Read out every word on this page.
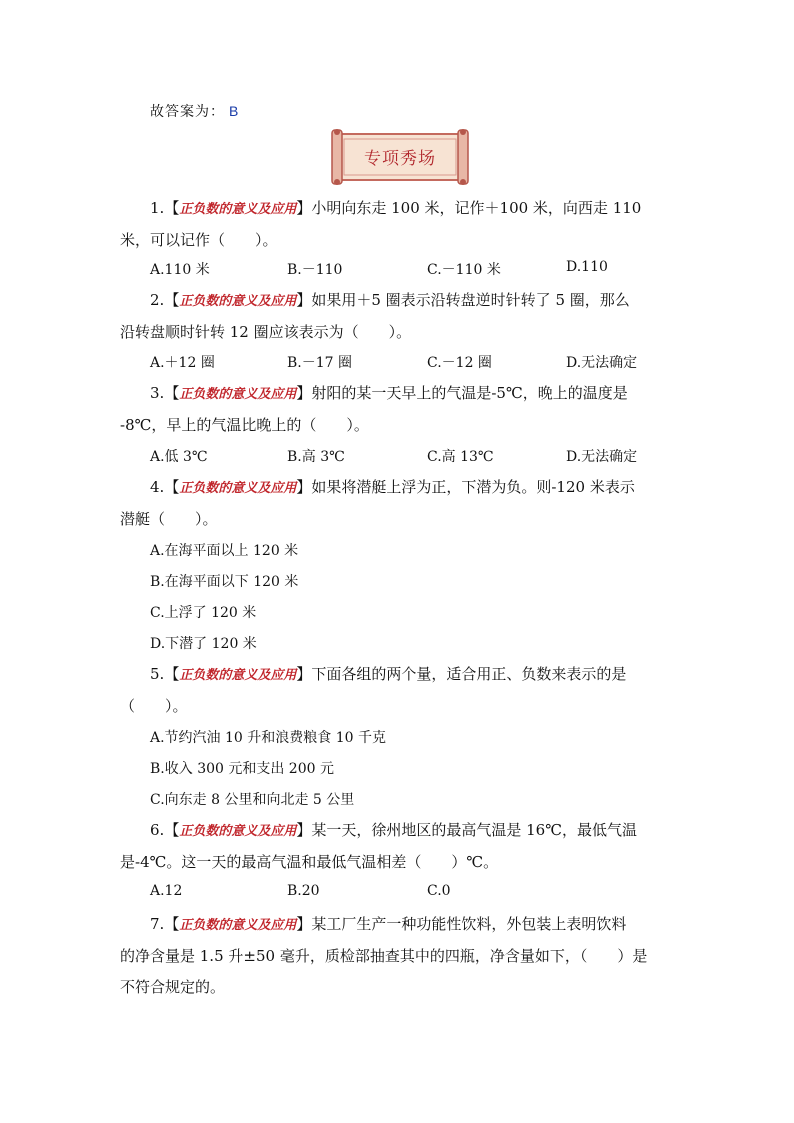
故答案为： B
专项秀场
1.【正负数的意义及应用】小明向东走 100 米，记作＋100 米，向西走 110
米，可以记作（　　）。
A.110 米	B.－110	C.－110 米	D.110
2.【正负数的意义及应用】如果用＋5 圈表示沿转盘逆时针转了 5 圈，那么
沿转盘顺时针转 12 圈应该表示为（　　）。
A.＋12 圈	B.－17 圈	C.－12 圈	D.无法确定
3.【正负数的意义及应用】射阳的某一天早上的气温是-5℃，晚上的温度是
-8℃，早上的气温比晚上的（　　）。
A.低 3℃	B.高 3℃	C.高 13℃	D.无法确定
4.【正负数的意义及应用】如果将潜艇上浮为正，下潜为负。则-120 米表示
潜艇（　　）。
A.在海平面以上 120 米
B.在海平面以下 120 米
C.上浮了 120 米
D.下潜了 120 米
5.【正负数的意义及应用】下面各组的两个量，适合用正、负数来表示的是
（　　）。
A.节约汽油 10 升和浪费粮食 10 千克
B.收入 300 元和支出 200 元
C.向东走 8 公里和向北走 5 公里
6.【正负数的意义及应用】某一天，徐州地区的最高气温是 16℃，最低气温
是-4℃。这一天的最高气温和最低气温相差（　　）℃。
A.12	B.20	C.0
7.【正负数的意义及应用】某工厂生产一种功能性饮料，外包装上表明饮料
的净含量是 1.5 升±50 毫升，质检部抽查其中的四瓶，净含量如下，（　　）是
不符合规定的。
